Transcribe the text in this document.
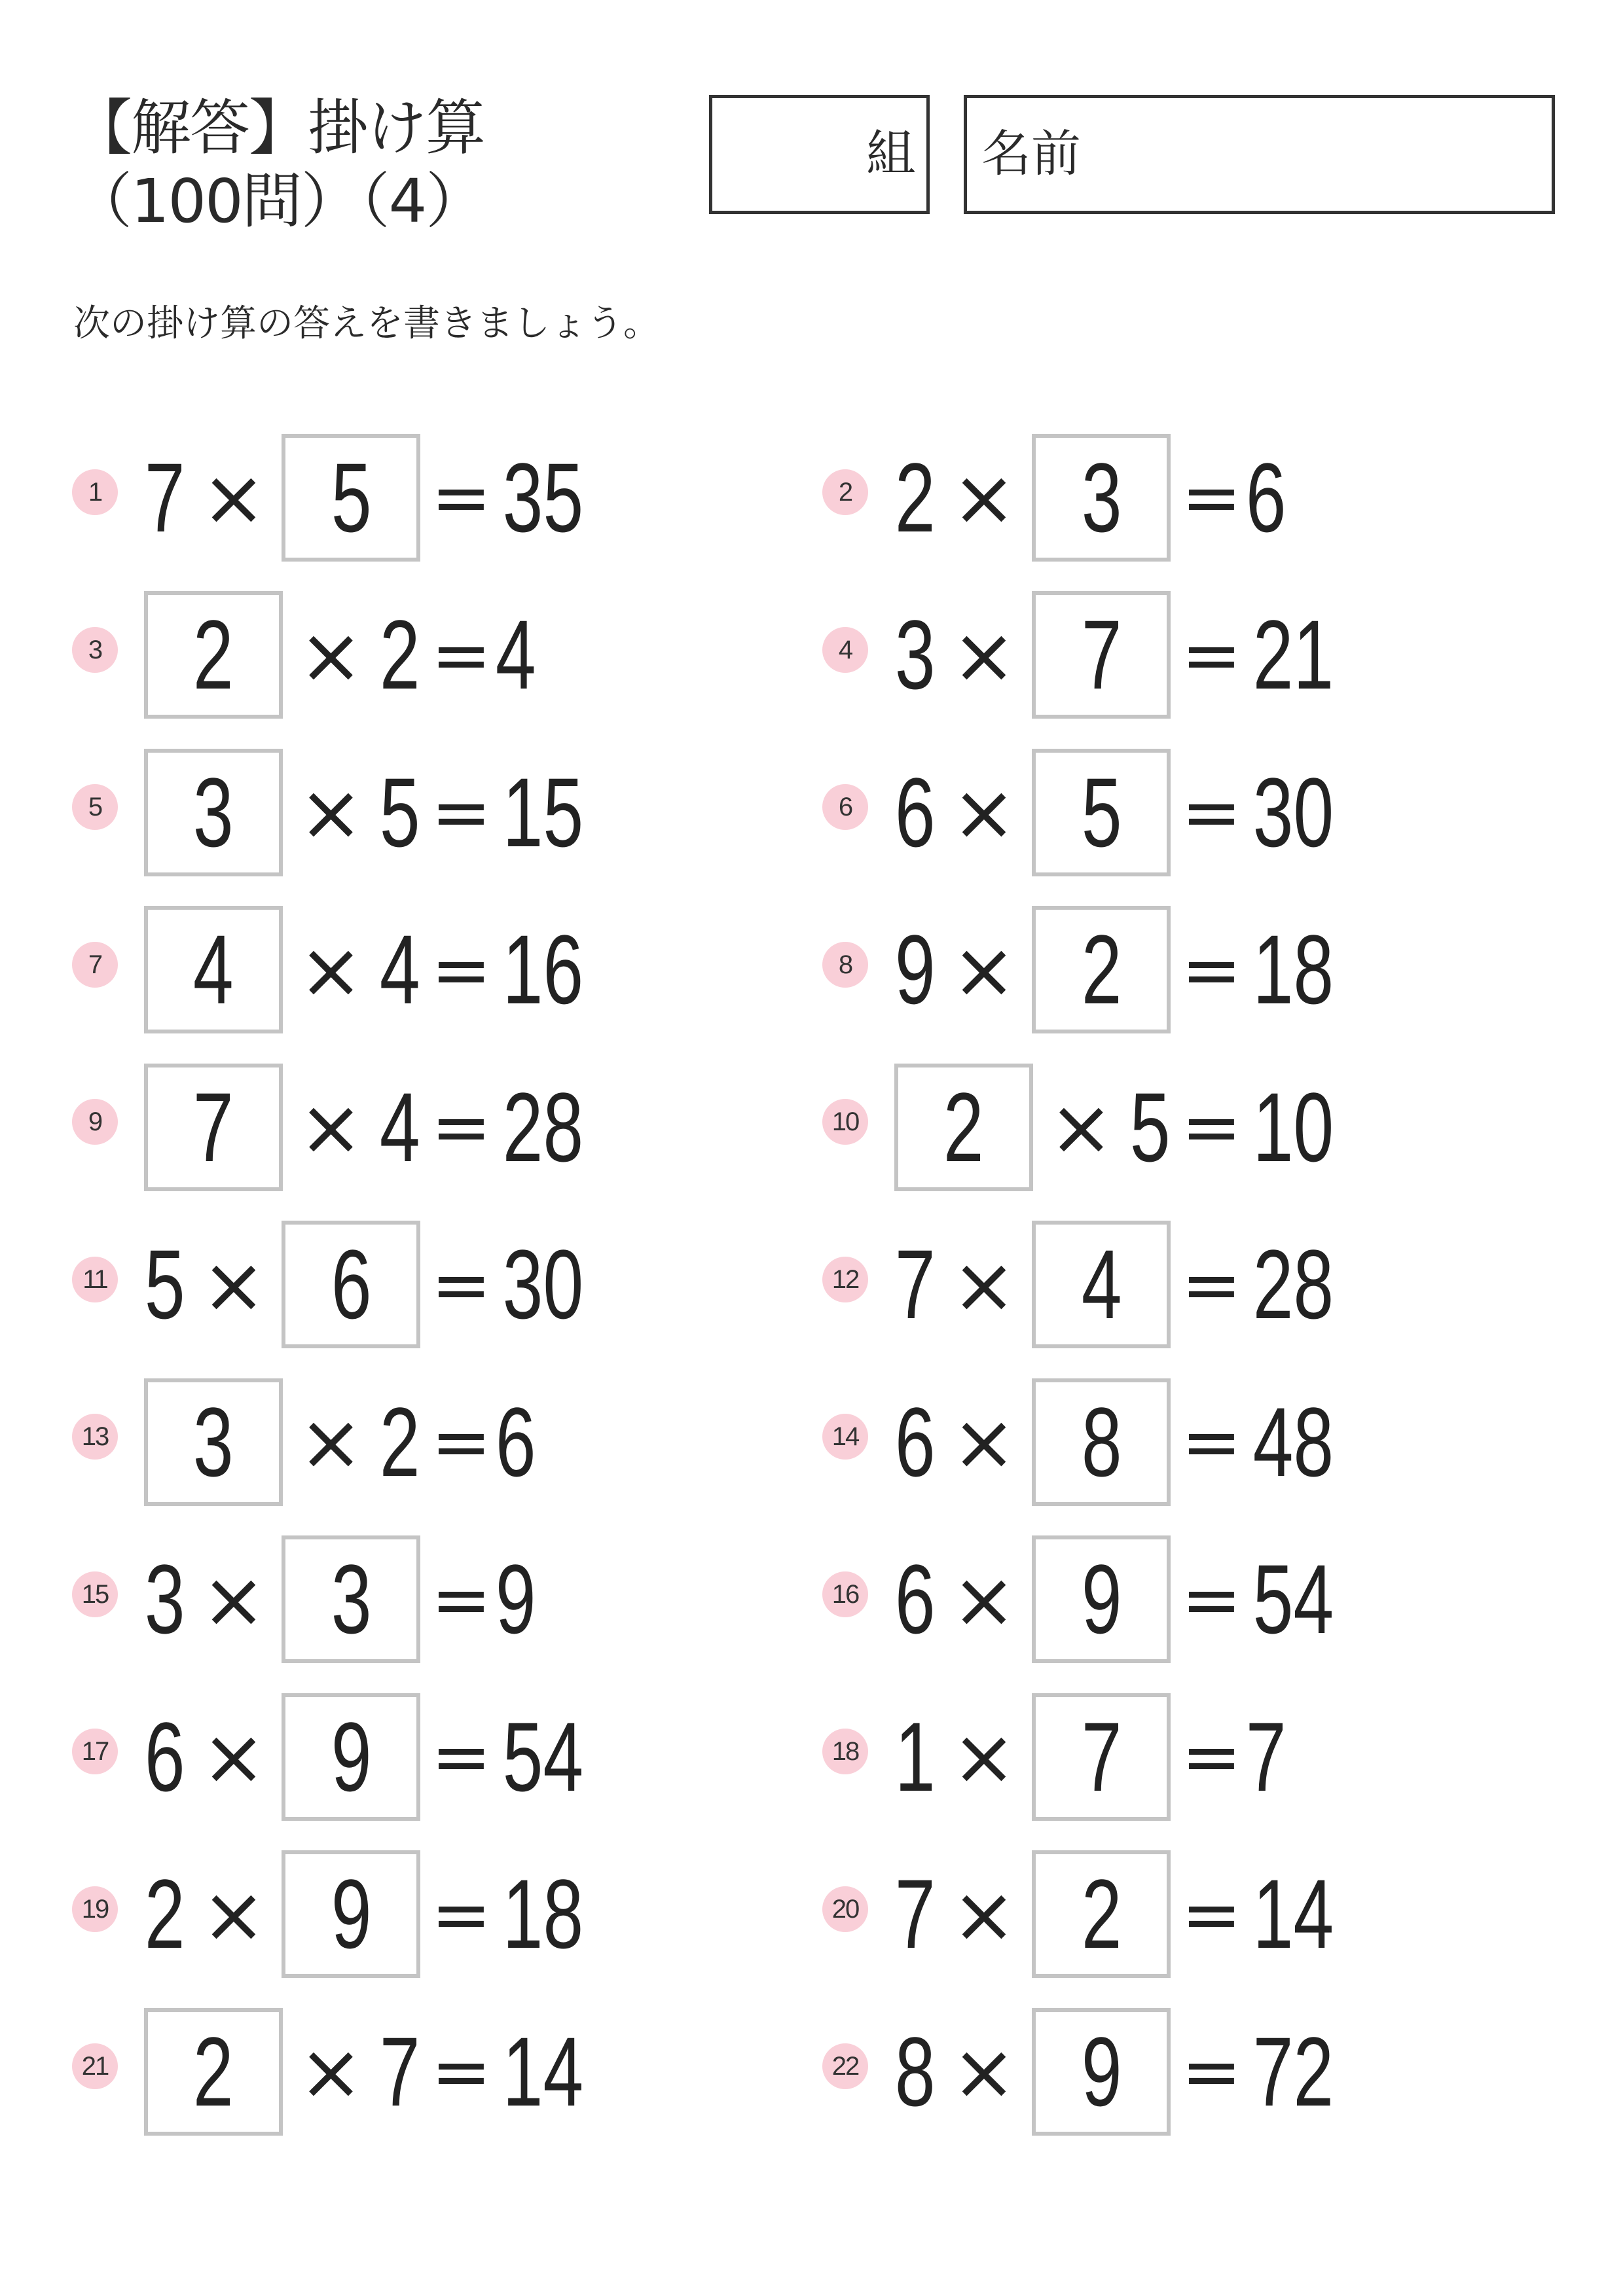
【解答】掛け算（100問）（4）
組	名前
次の掛け算の答えを書きましょう。
1 7 × 5 = 35	2 2 × 3 = 6
3 2 × 2 = 4	4 3 × 7 = 21
5 3 × 5 = 15	6 6 × 5 = 30
7 4 × 4 = 16	8 9 × 2 = 18
9 7 × 4 = 28	10 2 × 5 = 10
11 5 × 6 = 30	12 7 × 4 = 28
13 3 × 2 = 6	14 6 × 8 = 48
15 3 × 3 = 9	16 6 × 9 = 54
17 6 × 9 = 54	18 1 × 7 = 7
19 2 × 9 = 18	20 7 × 2 = 14
21 2 × 7 = 14	22 8 × 9 = 72
